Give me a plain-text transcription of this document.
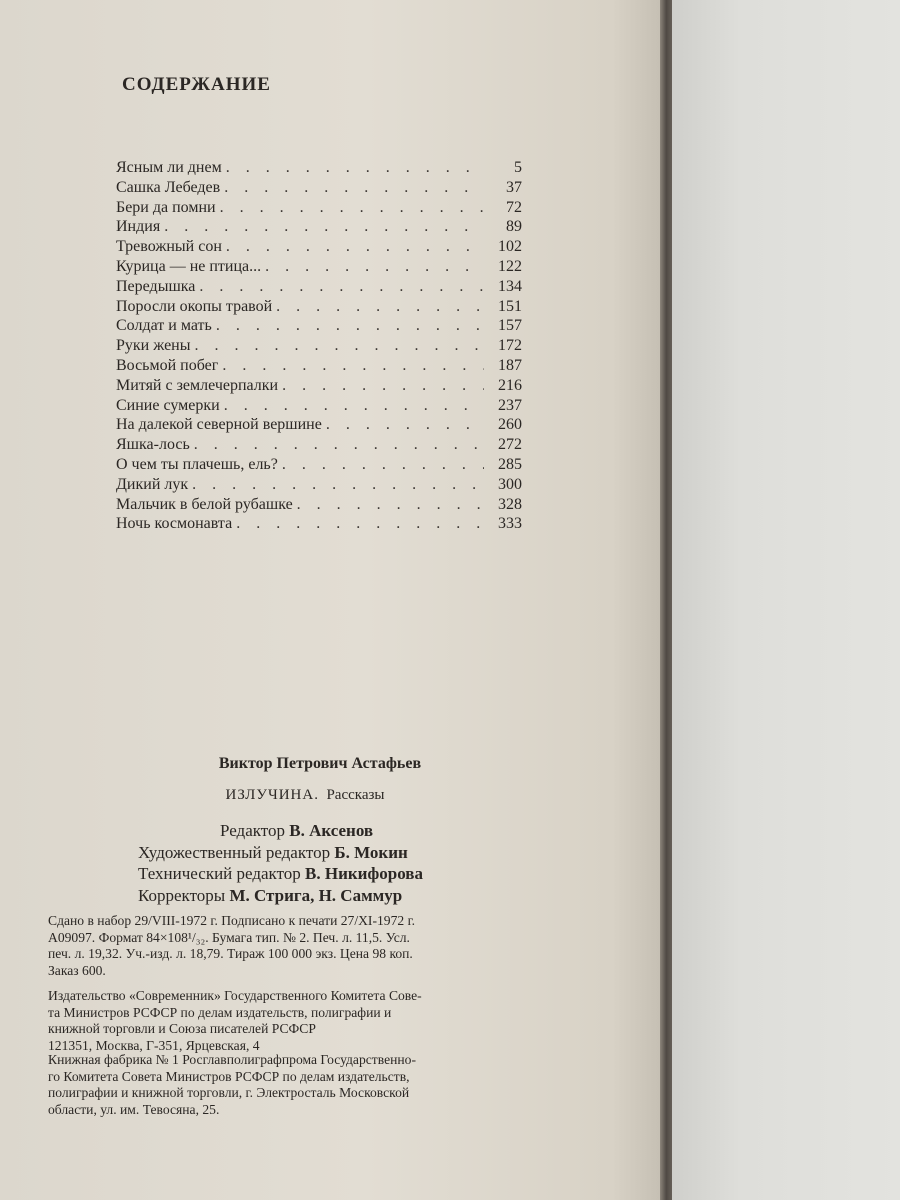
СОДЕРЖАНИЕ
Ясным ли днем . . .	5
Сашка Лебедев . . .	37
Бери да помни . . .	72
Индия . . .	89
Тревожный сон . . .	102
Курица — не птица... . . .	122
Передышка . . .	134
Поросли окопы травой . . .	151
Солдат и мать . . .	157
Руки жены . . .	172
Восьмой побег . . .	187
Митяй с землечерпалки . . .	216
Синие сумерки . . .	237
На далекой северной вершине . . .	260
Яшка-лось . . .	272
О чем ты плачешь, ель? . . .	285
Дикий лук . . .	300
Мальчик в белой рубашке . . .	328
Ночь космонавта . . .	333

Виктор Петрович Астафьев

ИЗЛУЧИНА. Рассказы

Редактор В. Аксенов
Художественный редактор Б. Мокин
Технический редактор В. Никифорова
Корректоры М. Стрига, Н. Саммур

Сдано в набор 29/VIII-1972 г. Подписано к печати 27/XI-1972 г.
А09097. Формат 84×108¹/₃₂. Бумага тип. № 2. Печ. л. 11,5. Усл.
печ. л. 19,32. Уч.-изд. л. 18,79. Тираж 100 000 экз. Цена 98 коп.
Заказ 600.

Издательство «Современник» Государственного Комитета Сове-
та Министров РСФСР по делам издательств, полиграфии и
книжной торговли и Союза писателей РСФСР
121351, Москва, Г-351, Ярцевская, 4

Книжная фабрика № 1 Росглавполиграфпрома Государственно-
го Комитета Совета Министров РСФСР по делам издательств,
полиграфии и книжной торговли, г. Электросталь Московской
области, ул. им. Тевосяна, 25.
